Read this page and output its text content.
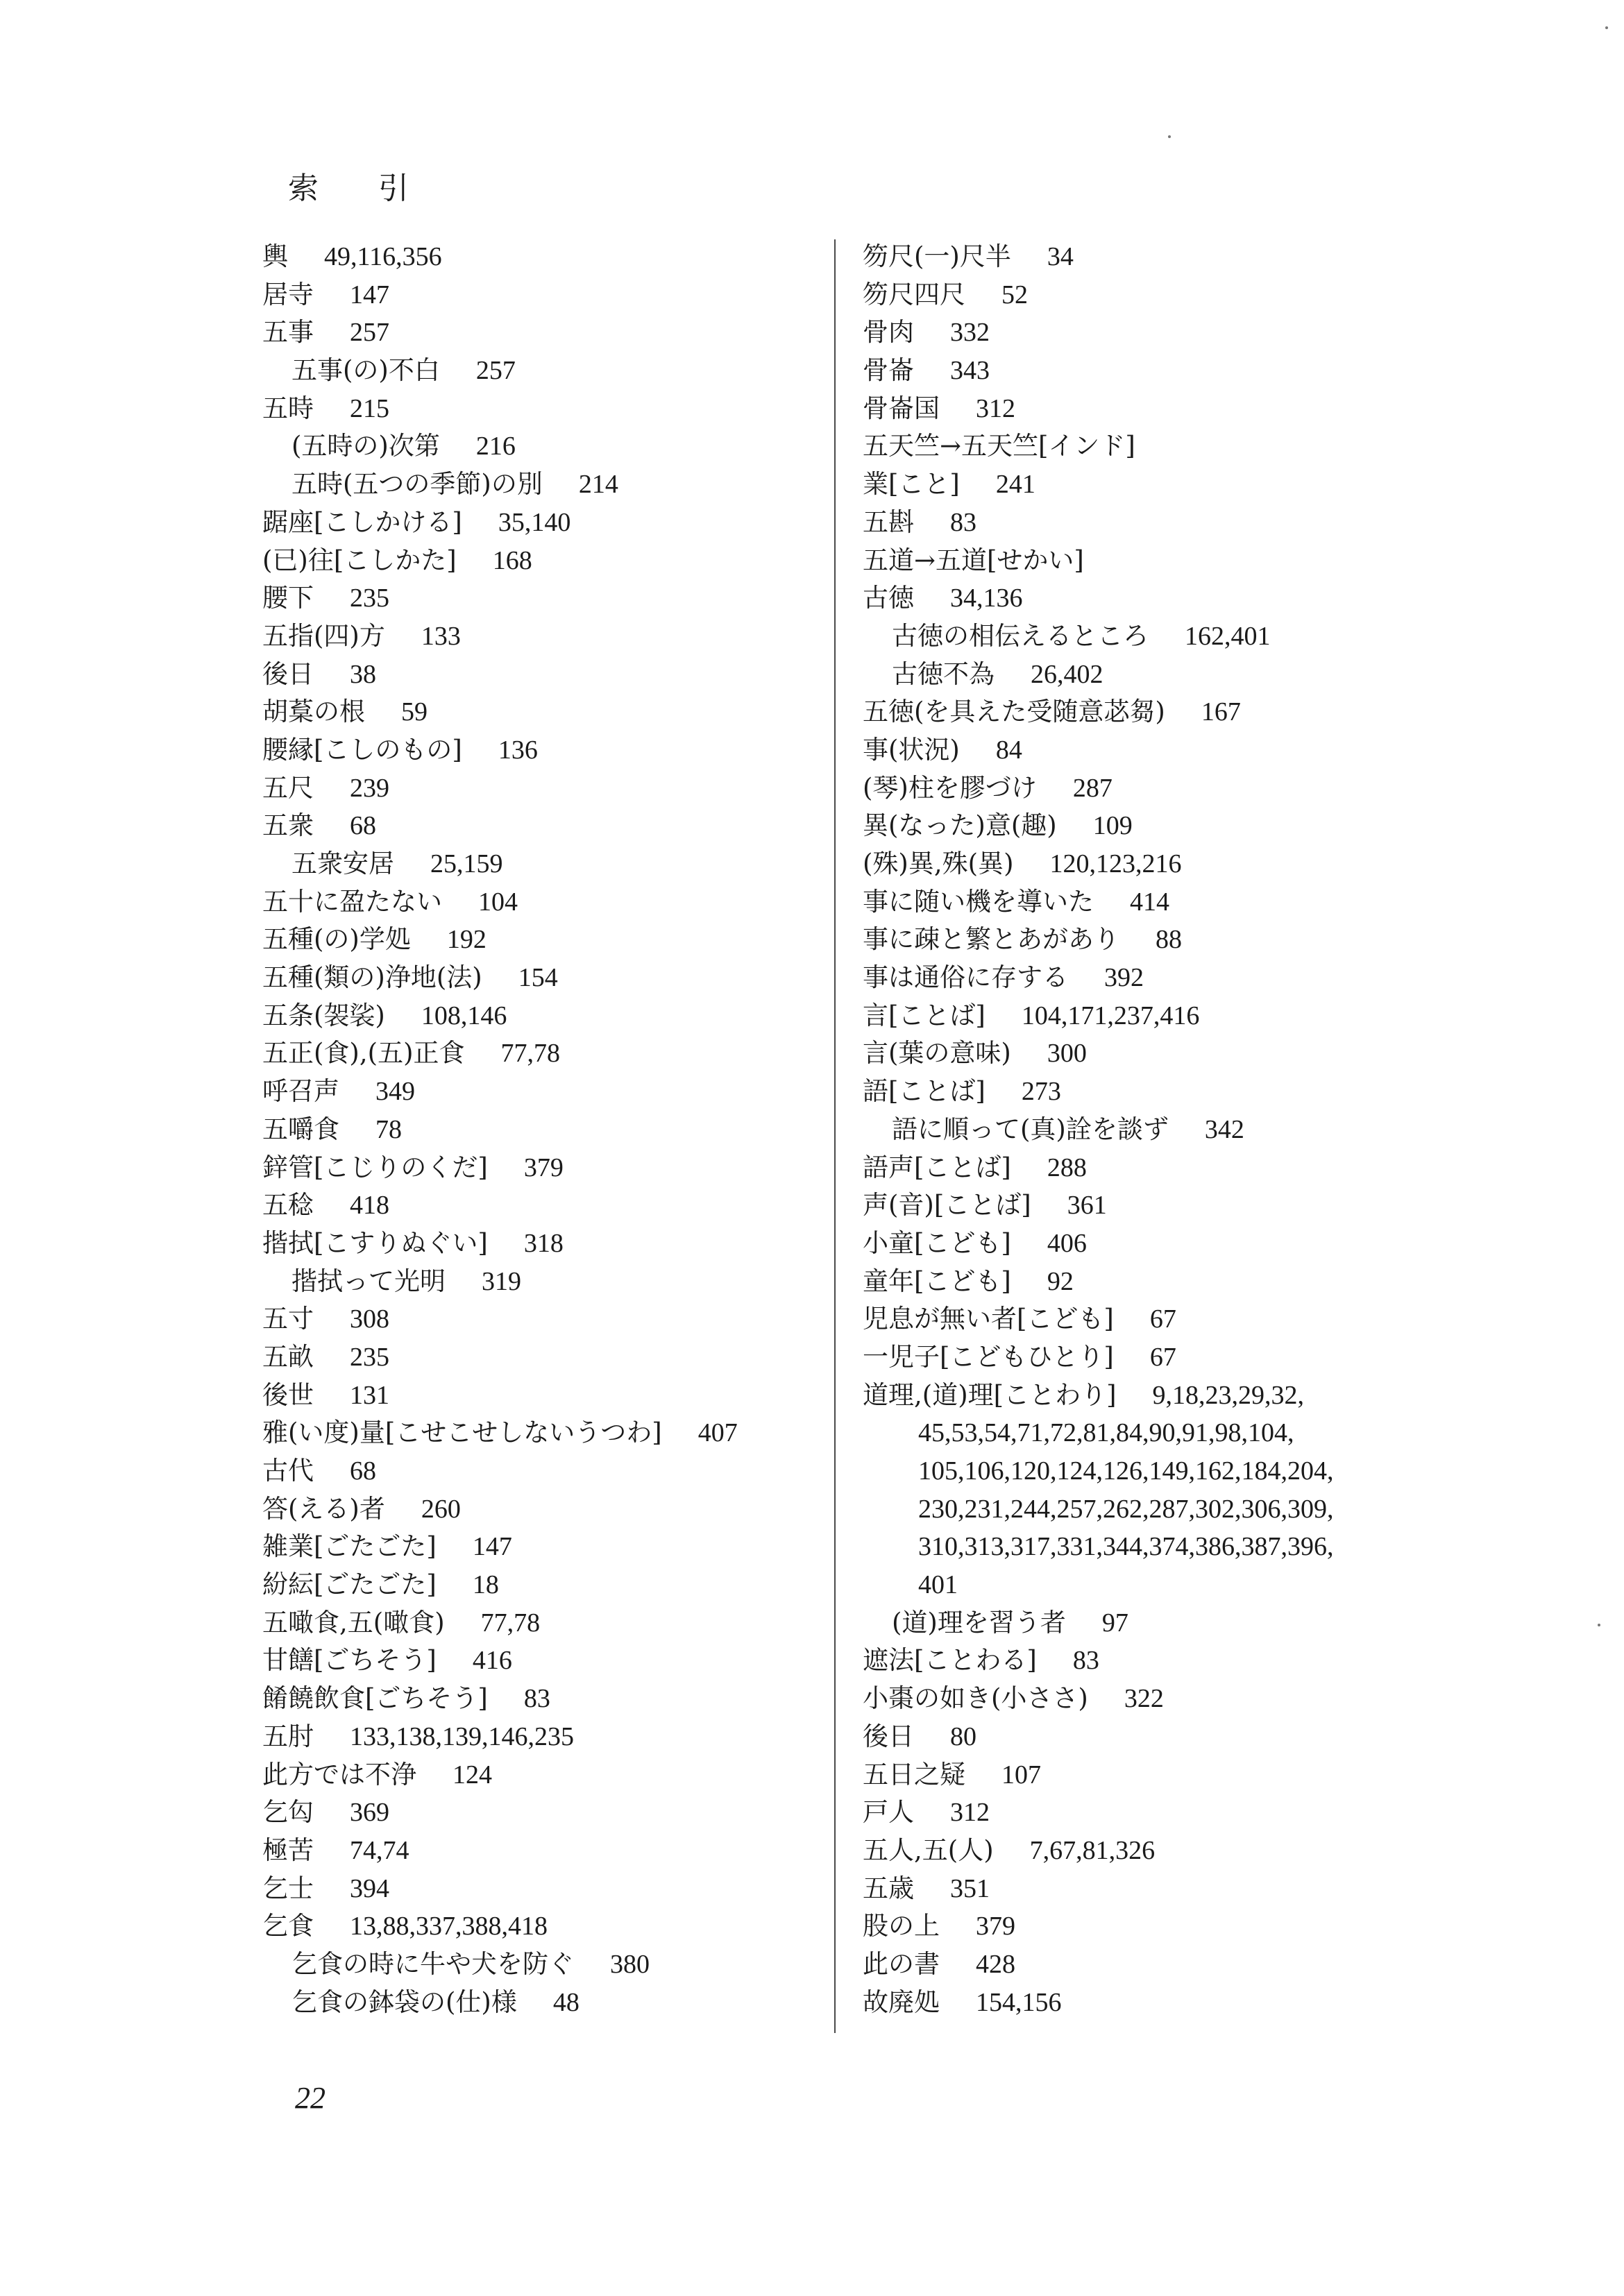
索 引
輿 49,116,356
居寺 147
五事 257
五事(の)不白 257
五時 215
(五時の)次第 216
五時(五つの季節)の別 214
踞座[こしかける] 35,140
(已)往[こしかた] 168
腰下 235
五指(四)方 133
後日 38
胡葈の根 59
腰縁[こしのもの] 136
五尺 239
五衆 68
五衆安居 25,159
五十に盈たない 104
五種(の)学処 192
五種(類の)浄地(法) 154
五条(袈裟) 108,146
五正(食),(五)正食 77,78
呼召声 349
五嚼食 78
鋅管[こじりのくだ] 379
五稔 418
揩拭[こすりぬぐい] 318
揩拭って光明 319
五寸 308
五畝 235
後世 131
雅(い度)量[こせこせしないうつわ] 407
古代 68
答(える)者 260
雑業[ごたごた] 147
紛紜[ごたごた] 18
五噉食,五(噉食) 77,78
甘饍[ごちそう] 416
餚饒飲食[ごちそう] 83
五肘 133,138,139,146,235
此方では不浄 124
乞匃 369
極苦 74,74
乞士 394
乞食 13,88,337,388,418
乞食の時に牛や犬を防ぐ 380
乞食の鉢袋の(仕)様 48
笏尺(一)尺半 34
笏尺四尺 52
骨肉 332
骨崙 343
骨崙国 312
五天竺→五天竺[インド]
業[こと] 241
五斟 83
五道→五道[せかい]
古徳 34,136
古徳の相伝えるところ 162,401
古徳不為 26,402
五徳(を具えた受随意苾芻) 167
事(状況) 84
(琴)柱を膠づけ 287
異(なった)意(趣) 109
(殊)異,殊(異) 120,123,216
事に随い機を導いた 414
事に疎と繁とあがあり 88
事は通俗に存する 392
言[ことば] 104,171,237,416
言(葉の意味) 300
語[ことば] 273
語に順って(真)詮を談ず 342
語声[ことば] 288
声(音)[ことば] 361
小童[こども] 406
童年[こども] 92
児息が無い者[こども] 67
一児子[こどもひとり] 67
道理,(道)理[ことわり] 9,18,23,29,32,
45,53,54,71,72,81,84,90,91,98,104,
105,106,120,124,126,149,162,184,204,
230,231,244,257,262,287,302,306,309,
310,313,317,331,344,374,386,387,396,
401
(道)理を習う者 97
遮法[ことわる] 83
小棗の如き(小ささ) 322
後日 80
五日之疑 107
戸人 312
五人,五(人) 7,67,81,326
五歳 351
股の上 379
此の書 428
故廃処 154,156
22
